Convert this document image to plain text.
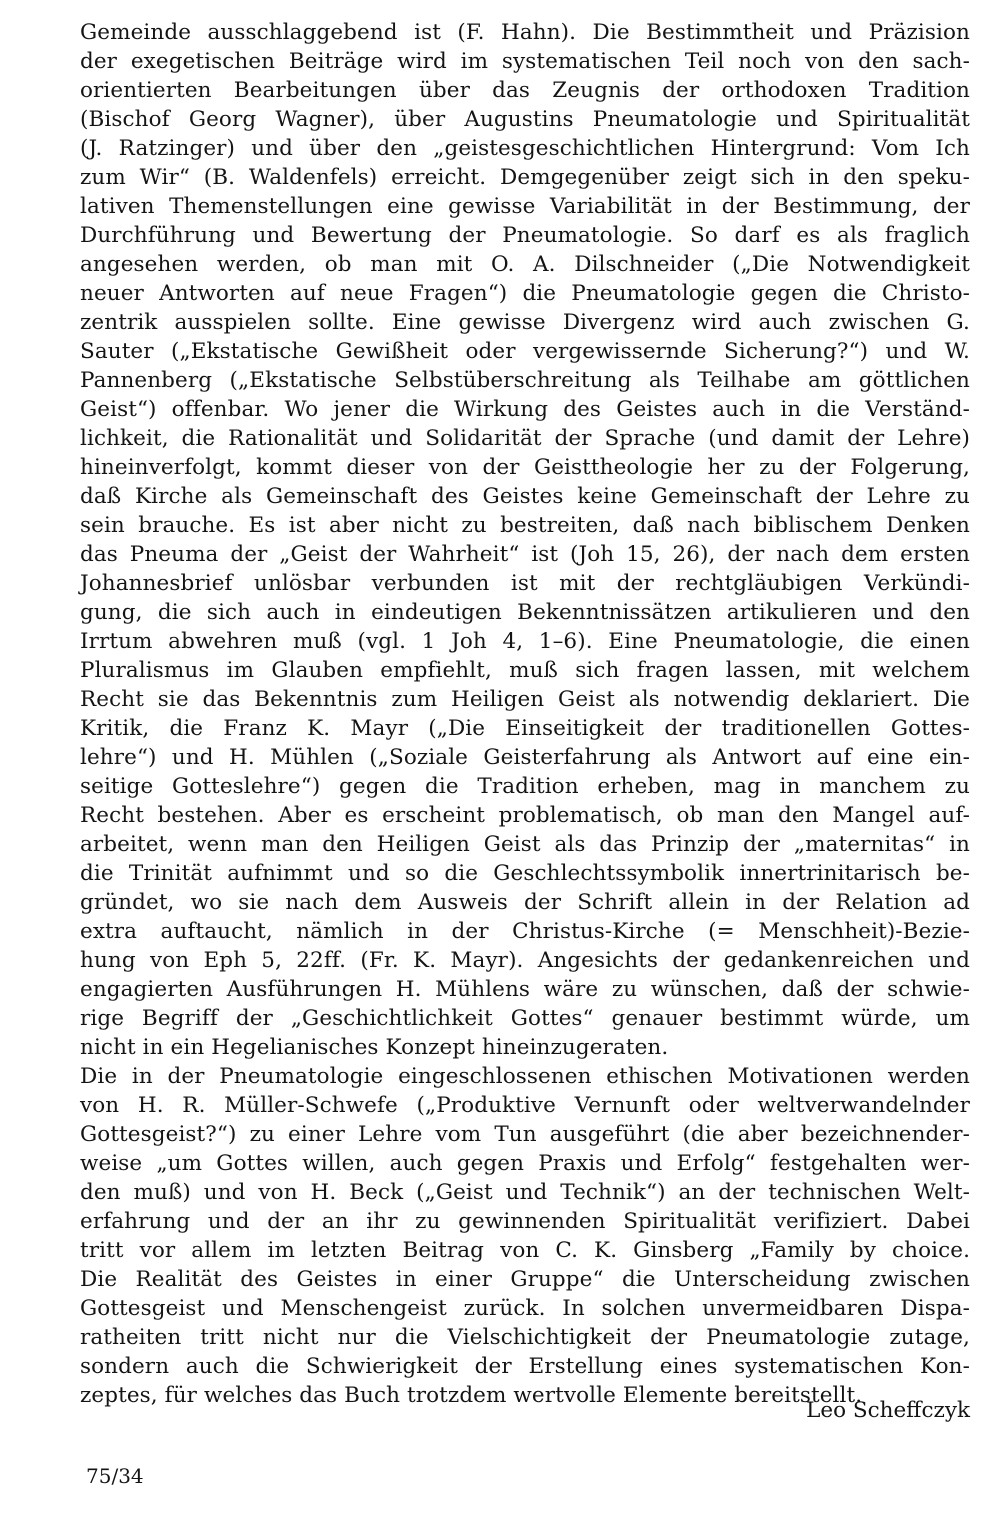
Gemeinde ausschlaggebend ist (F. Hahn). Die Bestimmtheit und Präzision
der exegetischen Beiträge wird im systematischen Teil noch von den sach-
orientierten Bearbeitungen über das Zeugnis der orthodoxen Tradition
(Bischof Georg Wagner), über Augustins Pneumatologie und Spiritualität
(J. Ratzinger) und über den „geistesgeschichtlichen Hintergrund: Vom Ich
zum Wir“ (B. Waldenfels) erreicht. Demgegenüber zeigt sich in den speku-
lativen Themenstellungen eine gewisse Variabilität in der Bestimmung, der
Durchführung und Bewertung der Pneumatologie. So darf es als fraglich
angesehen werden, ob man mit O. A. Dilschneider („Die Notwendigkeit
neuer Antworten auf neue Fragen“) die Pneumatologie gegen die Christo-
zentrik ausspielen sollte. Eine gewisse Divergenz wird auch zwischen G.
Sauter („Ekstatische Gewißheit oder vergewissernde Sicherung?“) und W.
Pannenberg („Ekstatische Selbstüberschreitung als Teilhabe am göttlichen
Geist“) offenbar. Wo jener die Wirkung des Geistes auch in die Verständ-
lichkeit, die Rationalität und Solidarität der Sprache (und damit der Lehre)
hineinverfolgt, kommt dieser von der Geisttheologie her zu der Folgerung,
daß Kirche als Gemeinschaft des Geistes keine Gemeinschaft der Lehre zu
sein brauche. Es ist aber nicht zu bestreiten, daß nach biblischem Denken
das Pneuma der „Geist der Wahrheit“ ist (Joh 15, 26), der nach dem ersten
Johannesbrief unlösbar verbunden ist mit der rechtgläubigen Verkündi-
gung, die sich auch in eindeutigen Bekenntnissätzen artikulieren und den
Irrtum abwehren muß (vgl. 1 Joh 4, 1–6). Eine Pneumatologie, die einen
Pluralismus im Glauben empfiehlt, muß sich fragen lassen, mit welchem
Recht sie das Bekenntnis zum Heiligen Geist als notwendig deklariert. Die
Kritik, die Franz K. Mayr („Die Einseitigkeit der traditionellen Gottes-
lehre“) und H. Mühlen („Soziale Geisterfahrung als Antwort auf eine ein-
seitige Gotteslehre“) gegen die Tradition erheben, mag in manchem zu
Recht bestehen. Aber es erscheint problematisch, ob man den Mangel auf-
arbeitet, wenn man den Heiligen Geist als das Prinzip der „maternitas“ in
die Trinität aufnimmt und so die Geschlechtssymbolik innertrinitarisch be-
gründet, wo sie nach dem Ausweis der Schrift allein in der Relation ad
extra auftaucht, nämlich in der Christus-Kirche (= Menschheit)-Bezie-
hung von Eph 5, 22ff. (Fr. K. Mayr). Angesichts der gedankenreichen und
engagierten Ausführungen H. Mühlens wäre zu wünschen, daß der schwie-
rige Begriff der „Geschichtlichkeit Gottes“ genauer bestimmt würde, um
nicht in ein Hegelianisches Konzept hineinzugeraten.
Die in der Pneumatologie eingeschlossenen ethischen Motivationen werden
von H. R. Müller-Schwefe („Produktive Vernunft oder weltverwandelnder
Gottesgeist?“) zu einer Lehre vom Tun ausgeführt (die aber bezeichnender-
weise „um Gottes willen, auch gegen Praxis und Erfolg“ festgehalten wer-
den muß) und von H. Beck („Geist und Technik“) an der technischen Welt-
erfahrung und der an ihr zu gewinnenden Spiritualität verifiziert. Dabei
tritt vor allem im letzten Beitrag von C. K. Ginsberg „Family by choice.
Die Realität des Geistes in einer Gruppe“ die Unterscheidung zwischen
Gottesgeist und Menschengeist zurück. In solchen unvermeidbaren Dispa-
ratheiten tritt nicht nur die Vielschichtigkeit der Pneumatologie zutage,
sondern auch die Schwierigkeit der Erstellung eines systematischen Kon-
zeptes, für welches das Buch trotzdem wertvolle Elemente bereitstellt.
Leo Scheffczyk
75/34
